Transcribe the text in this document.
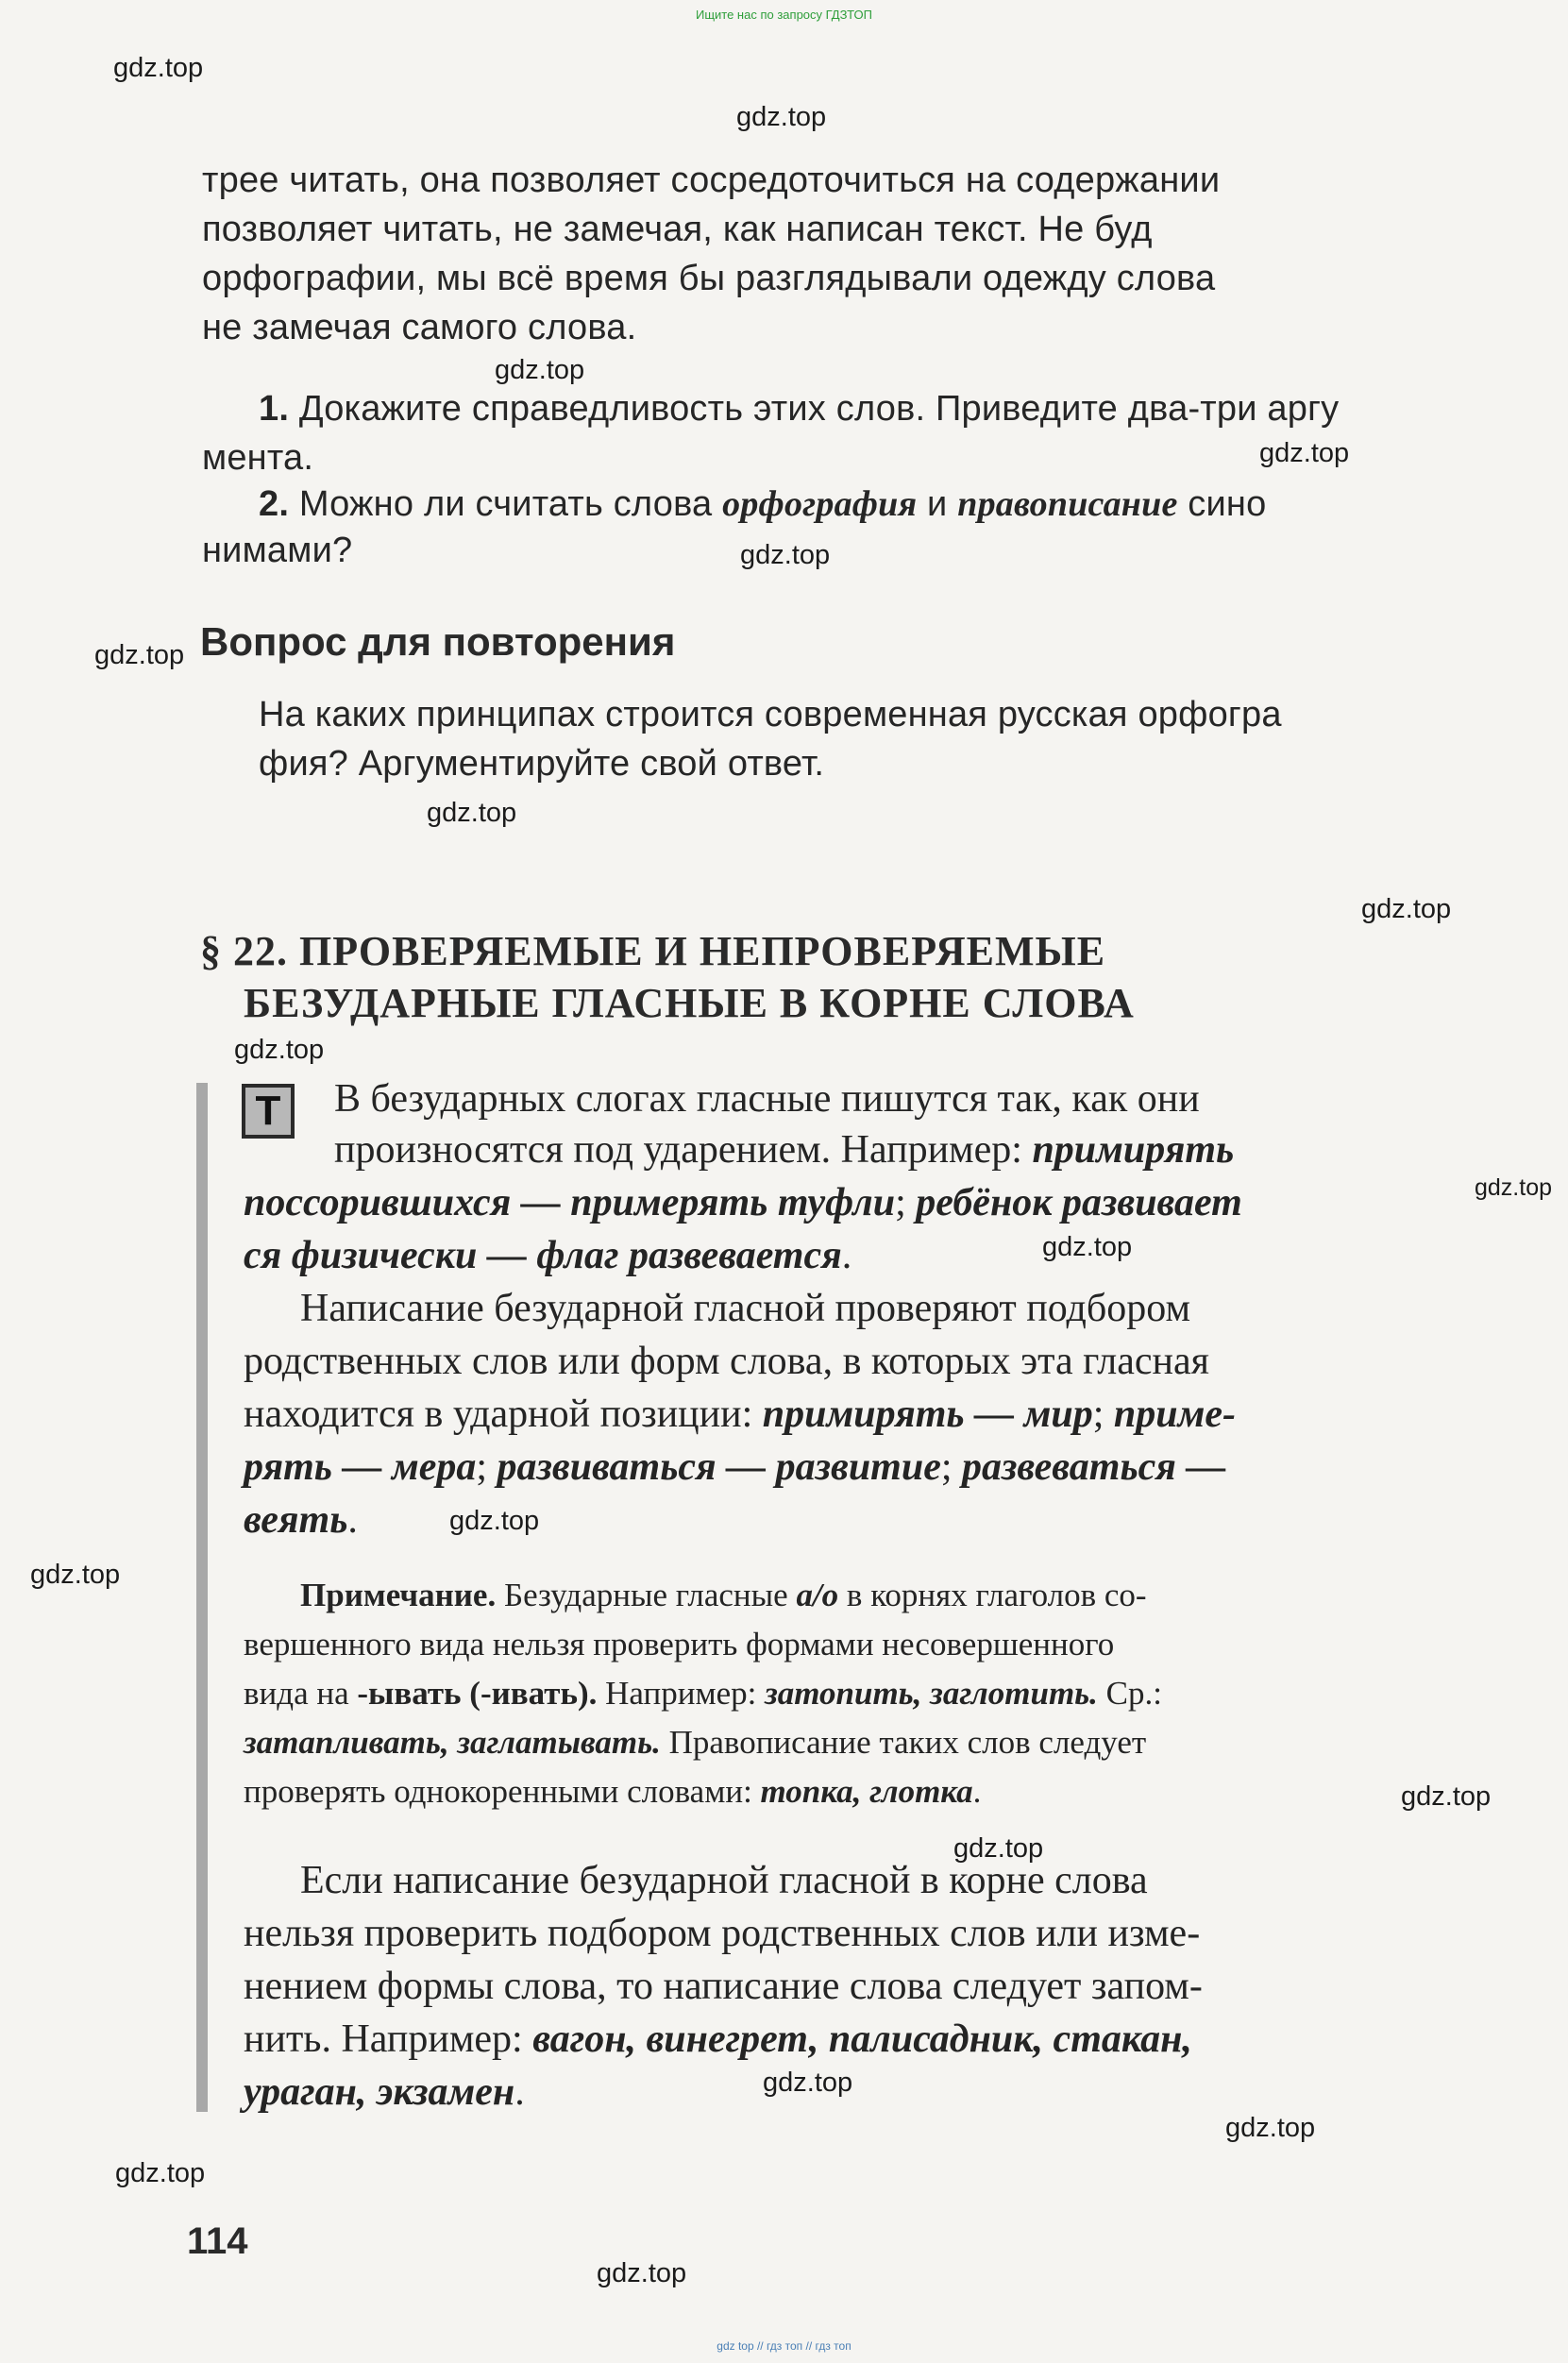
Ищите нас по запросу ГДЗТОП
gdz.top
gdz.top
gdz.top
gdz.top
gdz.top
gdz.top
gdz.top
gdz.top
gdz.top
gdz.top
gdz.top
gdz.top
gdz.top
gdz.top
gdz.top
gdz.top
gdz.top
gdz.top
gdz.top
трее читать, она позволяет сосредоточиться на содержании
позволяет читать, не замечая, как написан текст. Не буд
орфографии, мы всё время бы разглядывали одежду слова
не замечая самого слова.
1. Докажите справедливость этих слов. Приведите два-три аргу
мента.
2. Можно ли считать слова орфография и правописание сино
нимами?
Вопрос для повторения
На каких принципах строится современная русская орфогра
фия? Аргументируйте свой ответ.
§ 22. ПРОВЕРЯЕМЫЕ И НЕПРОВЕРЯЕМЫЕ
БЕЗУДАРНЫЕ ГЛАСНЫЕ В КОРНЕ СЛОВА
Т	В безударных слогах гласные пишутся так, как они
произносятся под ударением. Например: примирять
поссорившихся — примерять туфли; ребёнок развивает
ся физически — флаг развевается.
Написание безударной гласной проверяют подбором
родственных слов или форм слова, в которых эта гласная
находится в ударной позиции: примирять — мир; приме-
рять — мера; развиваться — развитие; развеваться —
веять.
Примечание. Безударные гласные а/о в корнях глаголов со-
вершенного вида нельзя проверить формами несовершенного
вида на -ывать (-ивать). Например: затопить, заглотить. Ср.:
затапливать, заглатывать. Правописание таких слов следует
проверять однокоренными словами: топка, глотка.
Если написание безударной гласной в корне слова
нельзя проверить подбором родственных слов или изме-
нением формы слова, то написание слова следует запом-
нить. Например: вагон, винегрет, палисадник, стакан,
ураган, экзамен.
114
gdz top // гдз топ // гдз топ
